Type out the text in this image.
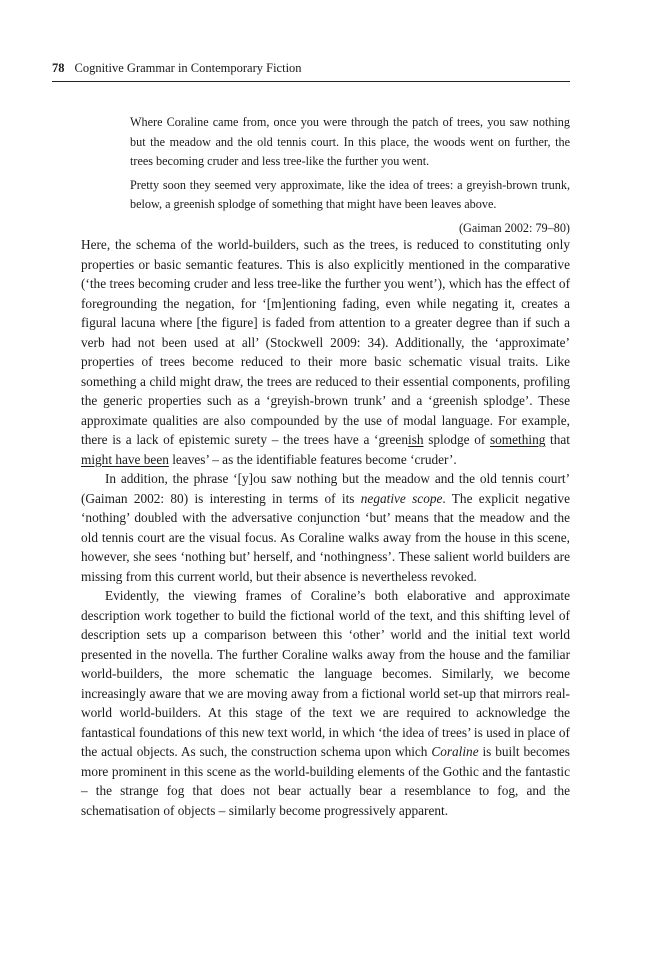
78 Cognitive Grammar in Contemporary Fiction

Where Coraline came from, once you were through the patch of trees, you saw nothing but the meadow and the old tennis court. In this place, the woods went on further, the trees becoming cruder and less tree-like the further you went.

Pretty soon they seemed very approximate, like the idea of trees: a greyish-brown trunk, below, a greenish splodge of something that might have been leaves above.

(Gaiman 2002: 79–80)

Here, the schema of the world-builders, such as the trees, is reduced to constituting only properties or basic semantic features. This is also explicitly mentioned in the comparative (‘the trees becoming cruder and less tree-like the further you went’), which has the effect of foregrounding the negation, for ‘[m]entioning fading, even while negating it, creates a figural lacuna where [the figure] is faded from attention to a greater degree than if such a verb had not been used at all’ (Stockwell 2009: 34). Additionally, the ‘approximate’ properties of trees become reduced to their more basic schematic visual traits. Like something a child might draw, the trees are reduced to their essential components, profiling the generic properties such as a ‘greyish-brown trunk’ and a ‘greenish splodge’. These approximate qualities are also compounded by the use of modal language. For example, there is a lack of epistemic surety – the trees have a ‘greenish splodge of something that might have been leaves’ – as the identifiable features become ‘cruder’.

In addition, the phrase ‘[y]ou saw nothing but the meadow and the old tennis court’ (Gaiman 2002: 80) is interesting in terms of its negative scope. The explicit negative ‘nothing’ doubled with the adversative conjunction ‘but’ means that the meadow and the old tennis court are the visual focus. As Coraline walks away from the house in this scene, however, she sees ‘nothing but’ herself, and ‘nothingness’. These salient world builders are missing from this current world, but their absence is nevertheless revoked.

Evidently, the viewing frames of Coraline’s both elaborative and approximate description work together to build the fictional world of the text, and this shifting level of description sets up a comparison between this ‘other’ world and the initial text world presented in the novella. The further Coraline walks away from the house and the familiar world-builders, the more schematic the language becomes. Similarly, we become increasingly aware that we are moving away from a fictional world set-up that mirrors real-world world-builders. At this stage of the text we are required to acknowledge the fantastical foundations of this new text world, in which ‘the idea of trees’ is used in place of the actual objects. As such, the construction schema upon which Coraline is built becomes more prominent in this scene as the world-building elements of the Gothic and the fantastic – the strange fog that does not bear actually bear a resemblance to fog, and the schematisation of objects – similarly become progressively apparent.
